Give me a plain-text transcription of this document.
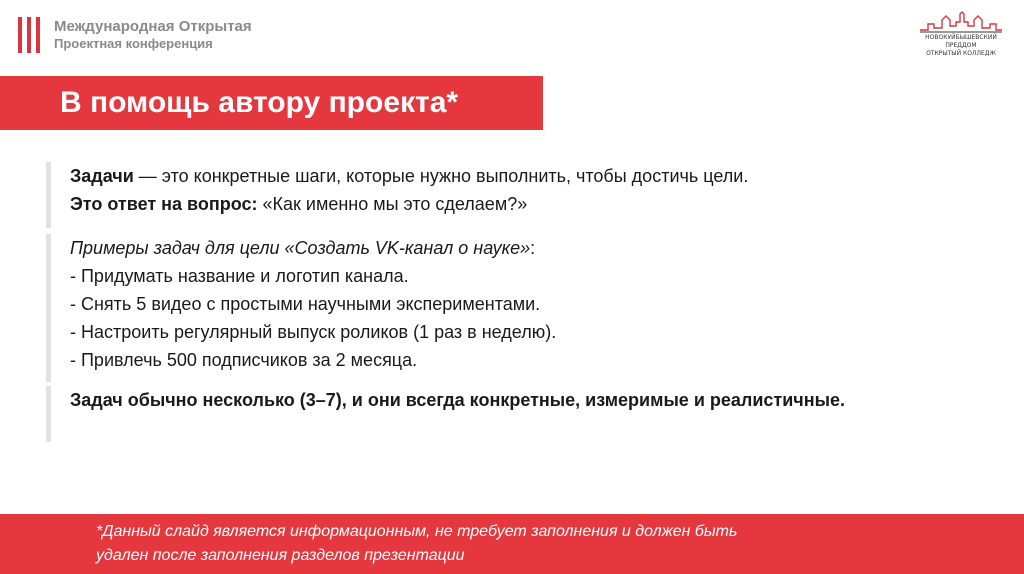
Международная Открытая
Проектная конференция	НОВОКУЙБЫШЕВСКИЙ ПРЕДДОМ
ОТКРЫТЫЙ КОЛЛЕДЖ
В помощь автору проекта*

Задачи — это конкретные шаги, которые нужно выполнить, чтобы достичь цели.

Это ответ на вопрос: «Как именно мы это сделаем?»

Примеры задач для цели «Создать VK-канал о науке»:

- Придумать название и логотип канала.

- Снять 5 видео с простыми научными экспериментами.

- Настроить регулярный выпуск роликов (1 раз в неделю).

- Привлечь 500 подписчиков за 2 месяца.

Задач обычно несколько (3–7), и они всегда конкретные, измеримые и реалистичные.

*Данный слайд является информационным, не требует заполнения и должен быть
удален после заполнения разделов презентации
